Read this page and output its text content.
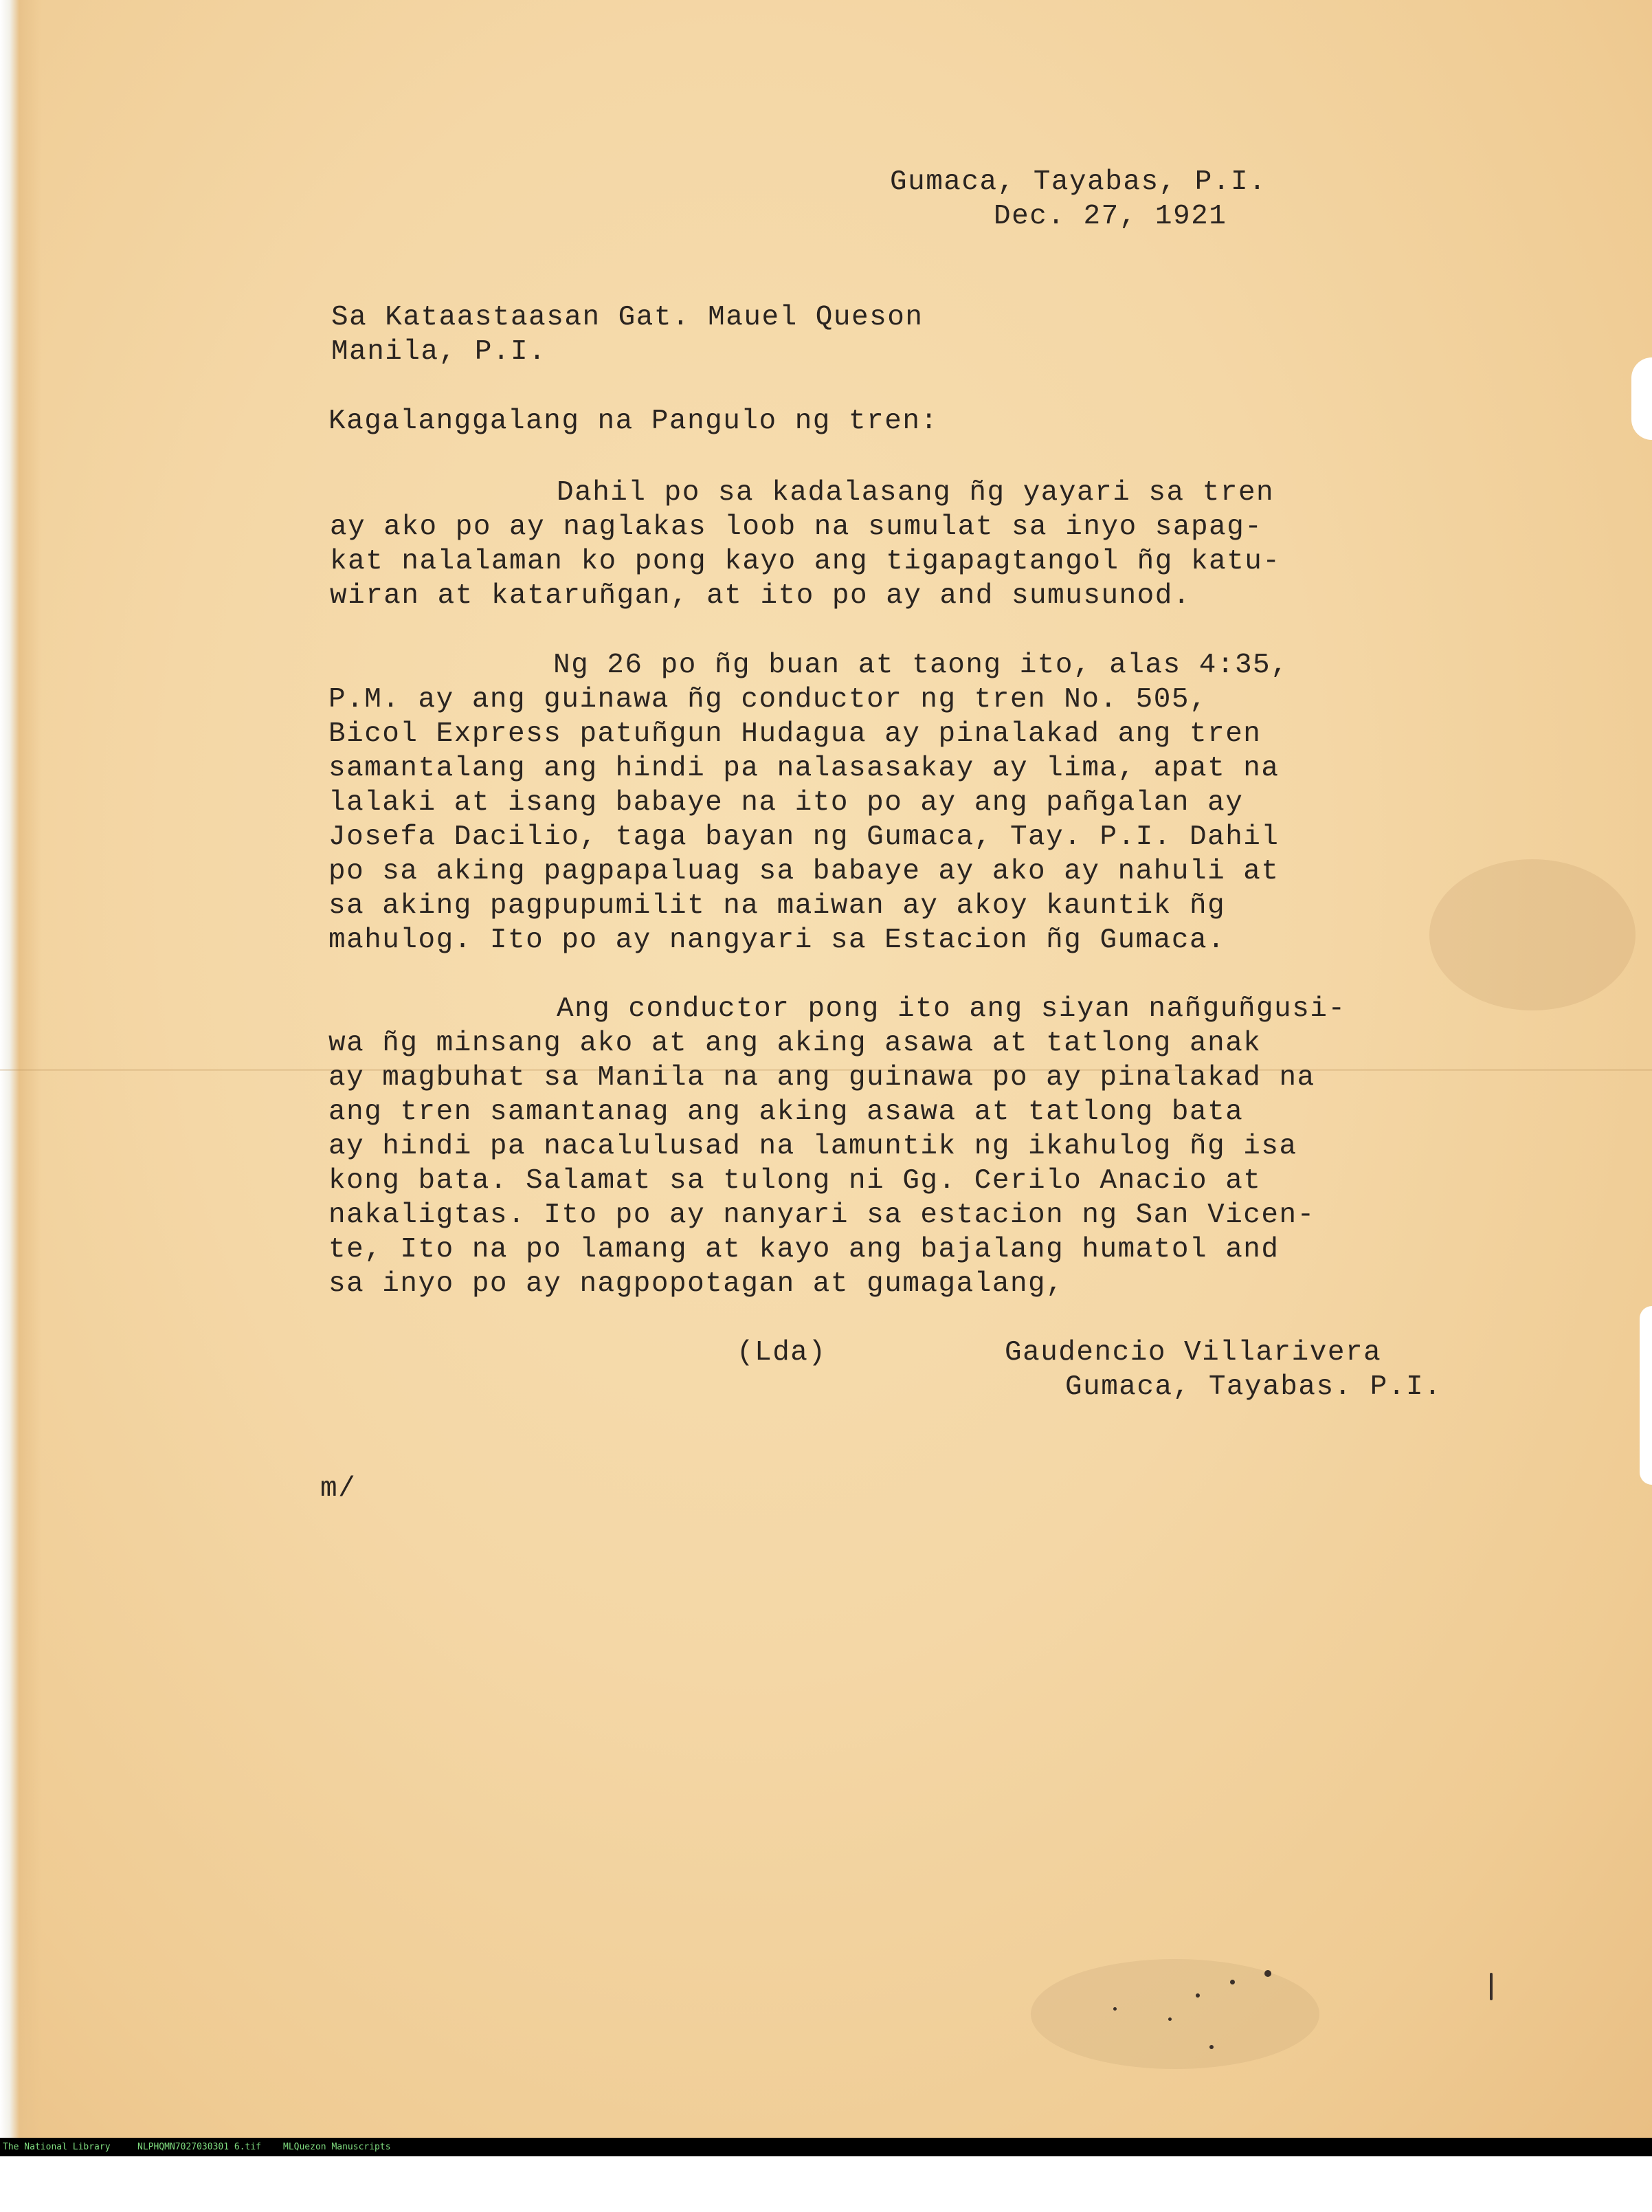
Gumaca, Tayabas, P.I.

Dec. 27, 1921

Sa Kataastaasan Gat. Mauel Queson

Manila, P.I.

Kagalanggalang na Pangulo ng tren:

Dahil po sa kadalasang ñg yayari sa tren

ay ako po ay naglakas loob na sumulat sa inyo sapag-

kat nalalaman ko pong kayo ang tigapagtangol ñg katu-

wiran at kataruñgan, at ito po ay and sumusunod.

Ng 26 po ñg buan at taong ito, alas 4:35,

P.M. ay ang guinawa ñg conductor ng tren No. 505,

Bicol Express patuñgun Hudagua ay pinalakad ang tren

samantalang ang hindi pa nalasasakay ay lima, apat na

lalaki at isang babaye na ito po ay ang pañgalan ay

Josefa Dacilio, taga bayan ng Gumaca, Tay. P.I. Dahil

po sa aking pagpapaluag sa babaye ay ako ay nahuli at

sa aking pagpupumilit na maiwan ay akoy kauntik ñg

mahulog. Ito po ay nangyari sa Estacion ñg Gumaca.

Ang conductor pong ito ang siyan nañguñgusi-

wa ñg minsang ako at ang aking asawa at tatlong anak

ay magbuhat sa Manila na ang guinawa po ay pinalakad na

ang tren samantanag ang aking asawa at tatlong bata

ay hindi pa nacalulusad na lamuntik ng ikahulog ñg isa

kong bata. Salamat sa tulong ni Gg. Cerilo Anacio at

nakaligtas. Ito po ay nanyari sa estacion ng San Vicen-

te, Ito na po lamang at kayo ang bajalang humatol and

sa inyo po ay nagpopotagan at gumagalang,

(Lda)	Gaudencio Villarivera

Gumaca, Tayabas. P.I.

m/

The National Library

	NLPHQMN7027030301 6.tif

MLQuezon Manuscripts
